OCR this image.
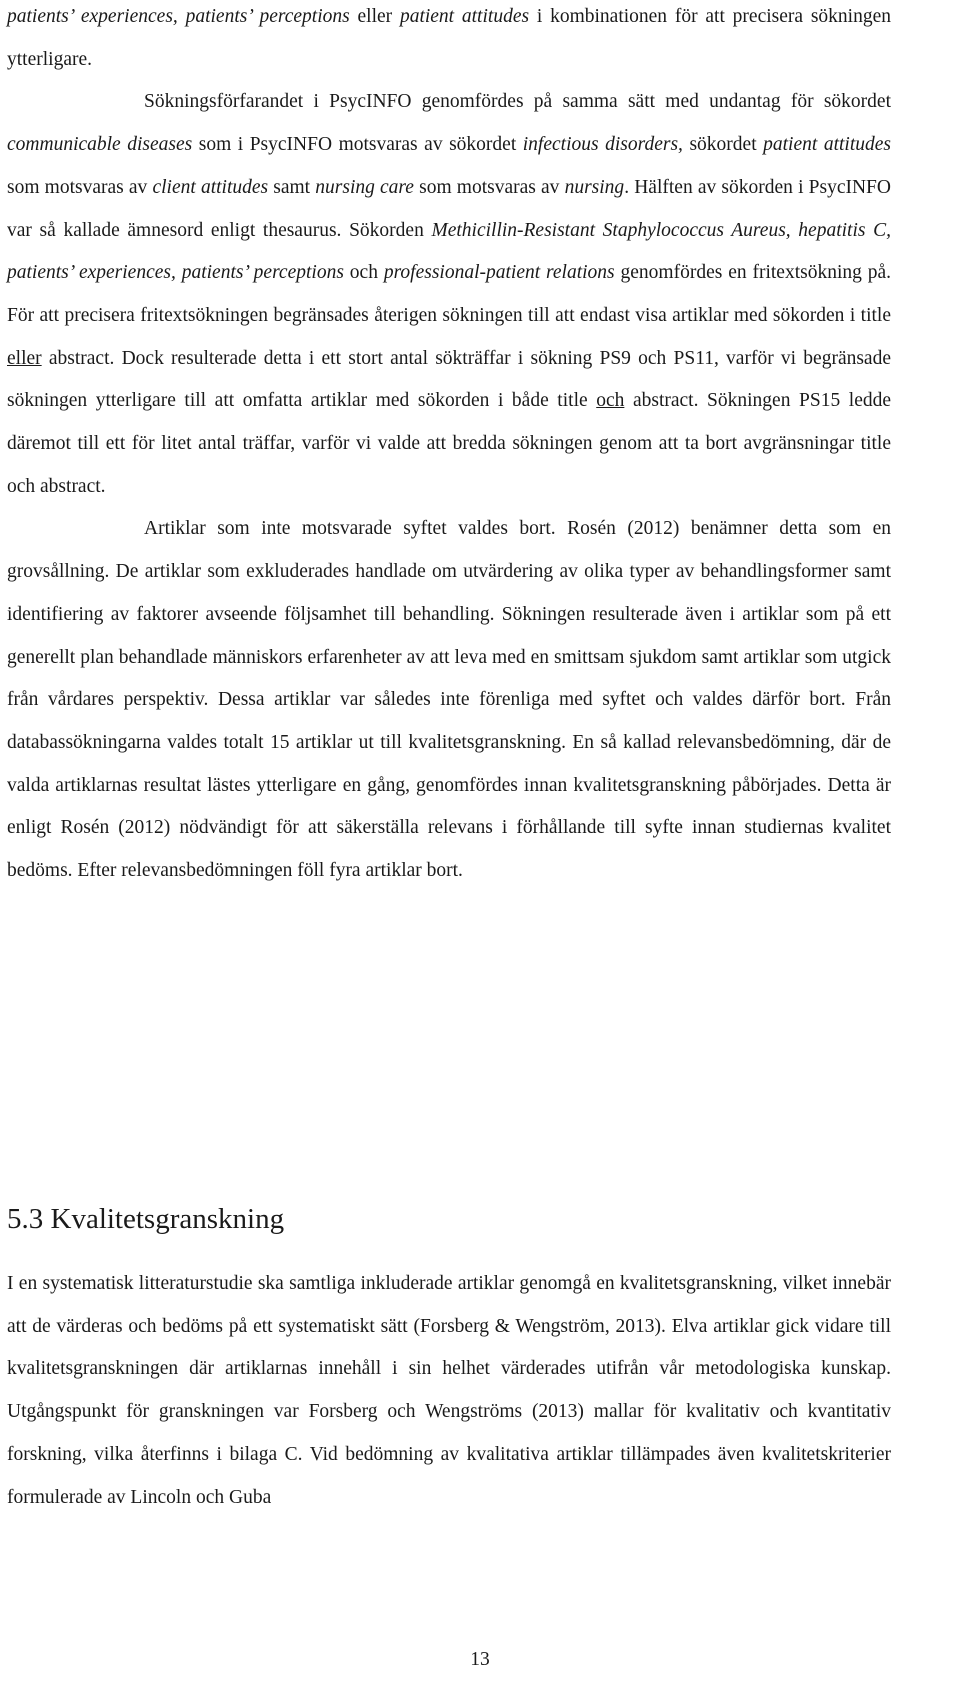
patients’ experiences, patients’ perceptions eller patient attitudes i kombinationen för att precisera sökningen ytterligare.

Sökningsförfarandet i PsycINFO genomfördes på samma sätt med undantag för sökordet communicable diseases som i PsycINFO motsvaras av sökordet infectious disorders, sökordet patient attitudes som motsvaras av client attitudes samt nursing care som motsvaras av nursing. Hälften av sökorden i PsycINFO var så kallade ämnesord enligt thesaurus. Sökorden Methicillin-Resistant Staphylococcus Aureus, hepatitis C, patients’ experiences, patients’ perceptions och professional-patient relations genomfördes en fritextsökning på. För att precisera fritextsökningen begränsades återigen sökningen till att endast visa artiklar med sökorden i title eller abstract. Dock resulterade detta i ett stort antal sökträffar i sökning PS9 och PS11, varför vi begränsade sökningen ytterligare till att omfatta artiklar med sökorden i både title och abstract. Sökningen PS15 ledde däremot till ett för litet antal träffar, varför vi valde att bredda sökningen genom att ta bort avgränsningar title och abstract.

Artiklar som inte motsvarade syftet valdes bort. Rosén (2012) benämner detta som en grovsållning. De artiklar som exkluderades handlade om utvärdering av olika typer av behandlingsformer samt identifiering av faktorer avseende följsamhet till behandling. Sökningen resulterade även i artiklar som på ett generellt plan behandlade människors erfarenheter av att leva med en smittsam sjukdom samt artiklar som utgick från vårdares perspektiv. Dessa artiklar var således inte förenliga med syftet och valdes därför bort. Från databassökningarna valdes totalt 15 artiklar ut till kvalitetsgranskning. En så kallad relevansbedömning, där de valda artiklarnas resultat lästes ytterligare en gång, genomfördes innan kvalitetsgranskning påbörjades. Detta är enligt Rosén (2012) nödvändigt för att säkerställa relevans i förhållande till syfte innan studiernas kvalitet bedöms. Efter relevansbedömningen föll fyra artiklar bort.

5.3 Kvalitetsgranskning

I en systematisk litteraturstudie ska samtliga inkluderade artiklar genomgå en kvalitetsgranskning, vilket innebär att de värderas och bedöms på ett systematiskt sätt (Forsberg & Wengström, 2013). Elva artiklar gick vidare till kvalitetsgranskningen där artiklarnas innehåll i sin helhet värderades utifrån vår metodologiska kunskap. Utgångspunkt för granskningen var Forsberg och Wengströms (2013) mallar för kvalitativ och kvantitativ forskning, vilka återfinns i bilaga C. Vid bedömning av kvalitativa artiklar tillämpades även kvalitetskriterier formulerade av Lincoln och Guba

13
